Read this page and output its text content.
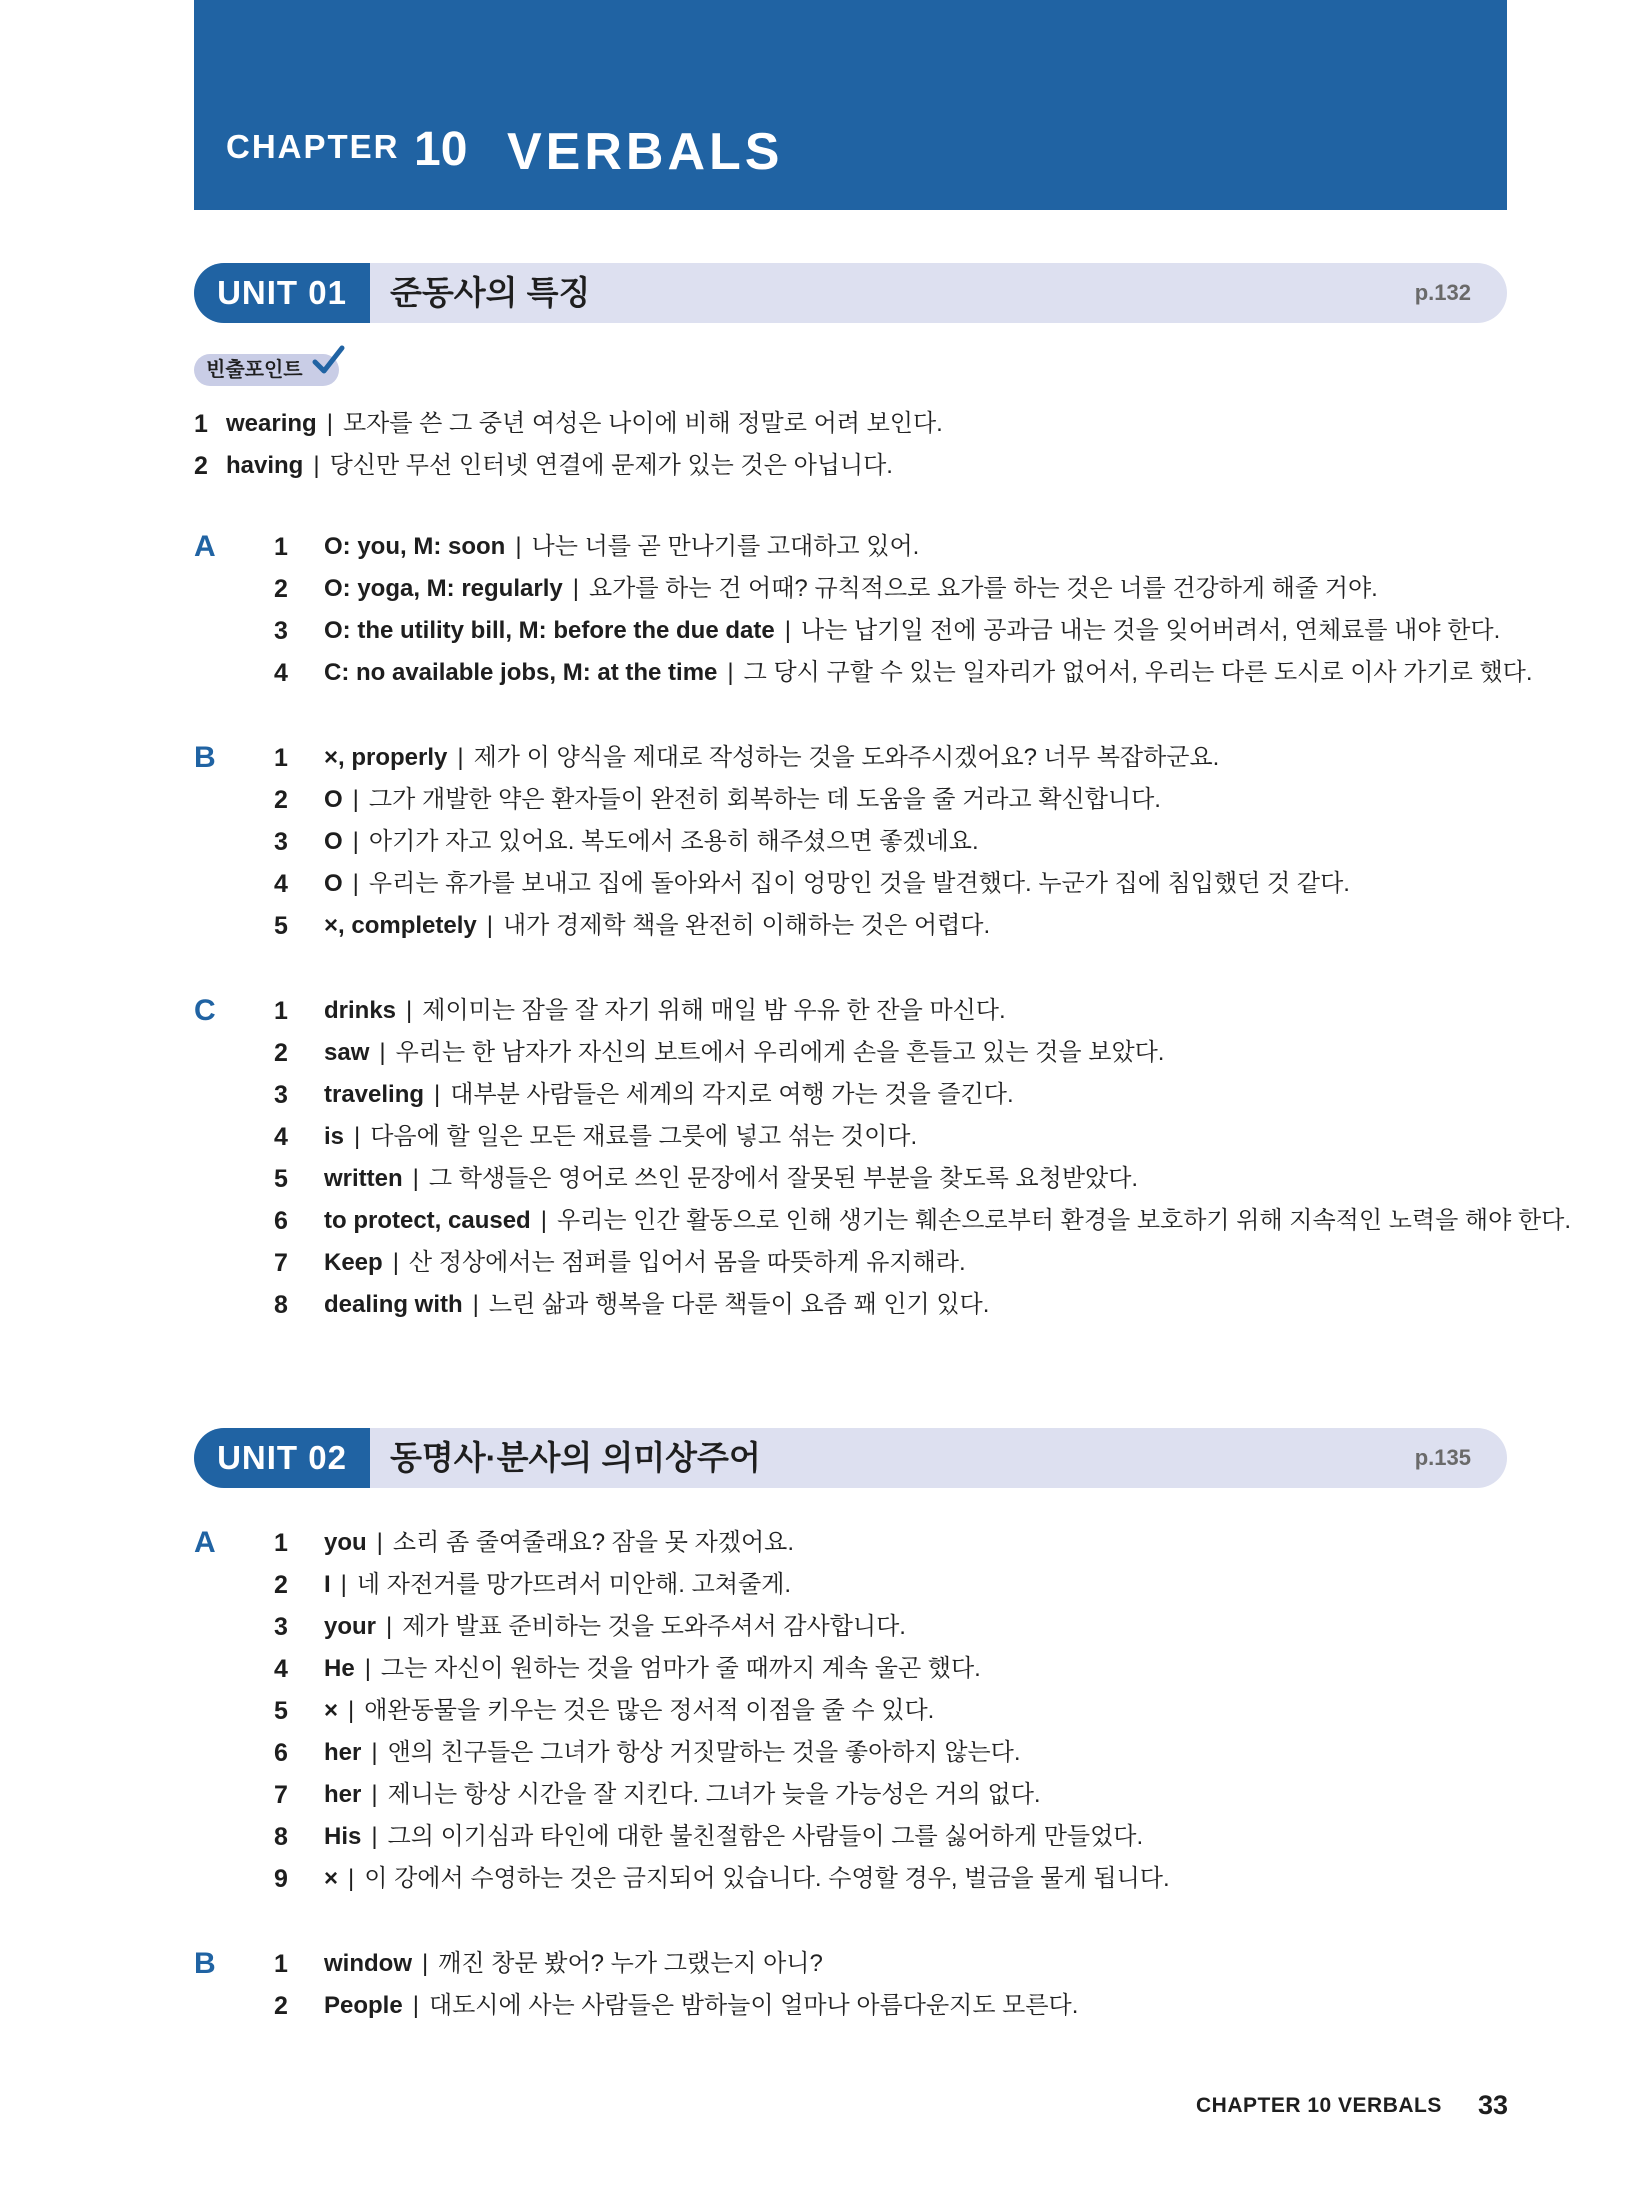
CHAPTER 10 VERBALS
UNIT 01	준동사의 특징	p.132
빈출포인트
1 wearing | 모자를 쓴 그 중년 여성은 나이에 비해 정말로 어려 보인다.
2 having | 당신만 무선 인터넷 연결에 문제가 있는 것은 아닙니다.
A 1	O: you, M: soon | 나는 너를 곧 만나기를 고대하고 있어.
2	O: yoga, M: regularly | 요가를 하는 건 어때? 규칙적으로 요가를 하는 것은 너를 건강하게 해줄 거야.
3	O: the utility bill, M: before the due date | 나는 납기일 전에 공과금 내는 것을 잊어버려서, 연체료를 내야 한다.
4	C: no available jobs, M: at the time | 그 당시 구할 수 있는 일자리가 없어서, 우리는 다른 도시로 이사 가기로 했다.
B 1	×, properly | 제가 이 양식을 제대로 작성하는 것을 도와주시겠어요? 너무 복잡하군요.
2	O | 그가 개발한 약은 환자들이 완전히 회복하는 데 도움을 줄 거라고 확신합니다.
3	O | 아기가 자고 있어요. 복도에서 조용히 해주셨으면 좋겠네요.
4	O | 우리는 휴가를 보내고 집에 돌아와서 집이 엉망인 것을 발견했다. 누군가 집에 침입했던 것 같다.
5	×, completely | 내가 경제학 책을 완전히 이해하는 것은 어렵다.
C 1	drinks | 제이미는 잠을 잘 자기 위해 매일 밤 우유 한 잔을 마신다.
2	saw | 우리는 한 남자가 자신의 보트에서 우리에게 손을 흔들고 있는 것을 보았다.
3	traveling | 대부분 사람들은 세계의 각지로 여행 가는 것을 즐긴다.
4	is | 다음에 할 일은 모든 재료를 그릇에 넣고 섞는 것이다.
5	written | 그 학생들은 영어로 쓰인 문장에서 잘못된 부분을 찾도록 요청받았다.
6	to protect, caused | 우리는 인간 활동으로 인해 생기는 훼손으로부터 환경을 보호하기 위해 지속적인 노력을 해야 한다.
7	Keep | 산 정상에서는 점퍼를 입어서 몸을 따뜻하게 유지해라.
8	dealing with | 느린 삶과 행복을 다룬 책들이 요즘 꽤 인기 있다.
UNIT 02	동명사·분사의 의미상주어	p.135
A 1	you | 소리 좀 줄여줄래요? 잠을 못 자겠어요.
2	I | 네 자전거를 망가뜨려서 미안해. 고쳐줄게.
3	your | 제가 발표 준비하는 것을 도와주셔서 감사합니다.
4	He | 그는 자신이 원하는 것을 엄마가 줄 때까지 계속 울곤 했다.
5	× | 애완동물을 키우는 것은 많은 정서적 이점을 줄 수 있다.
6	her | 앤의 친구들은 그녀가 항상 거짓말하는 것을 좋아하지 않는다.
7	her | 제니는 항상 시간을 잘 지킨다. 그녀가 늦을 가능성은 거의 없다.
8	His | 그의 이기심과 타인에 대한 불친절함은 사람들이 그를 싫어하게 만들었다.
9	× | 이 강에서 수영하는 것은 금지되어 있습니다. 수영할 경우, 벌금을 물게 됩니다.
B 1	window | 깨진 창문 봤어? 누가 그랬는지 아니?
2	People | 대도시에 사는 사람들은 밤하늘이 얼마나 아름다운지도 모른다.
CHAPTER 10 VERBALS 33
